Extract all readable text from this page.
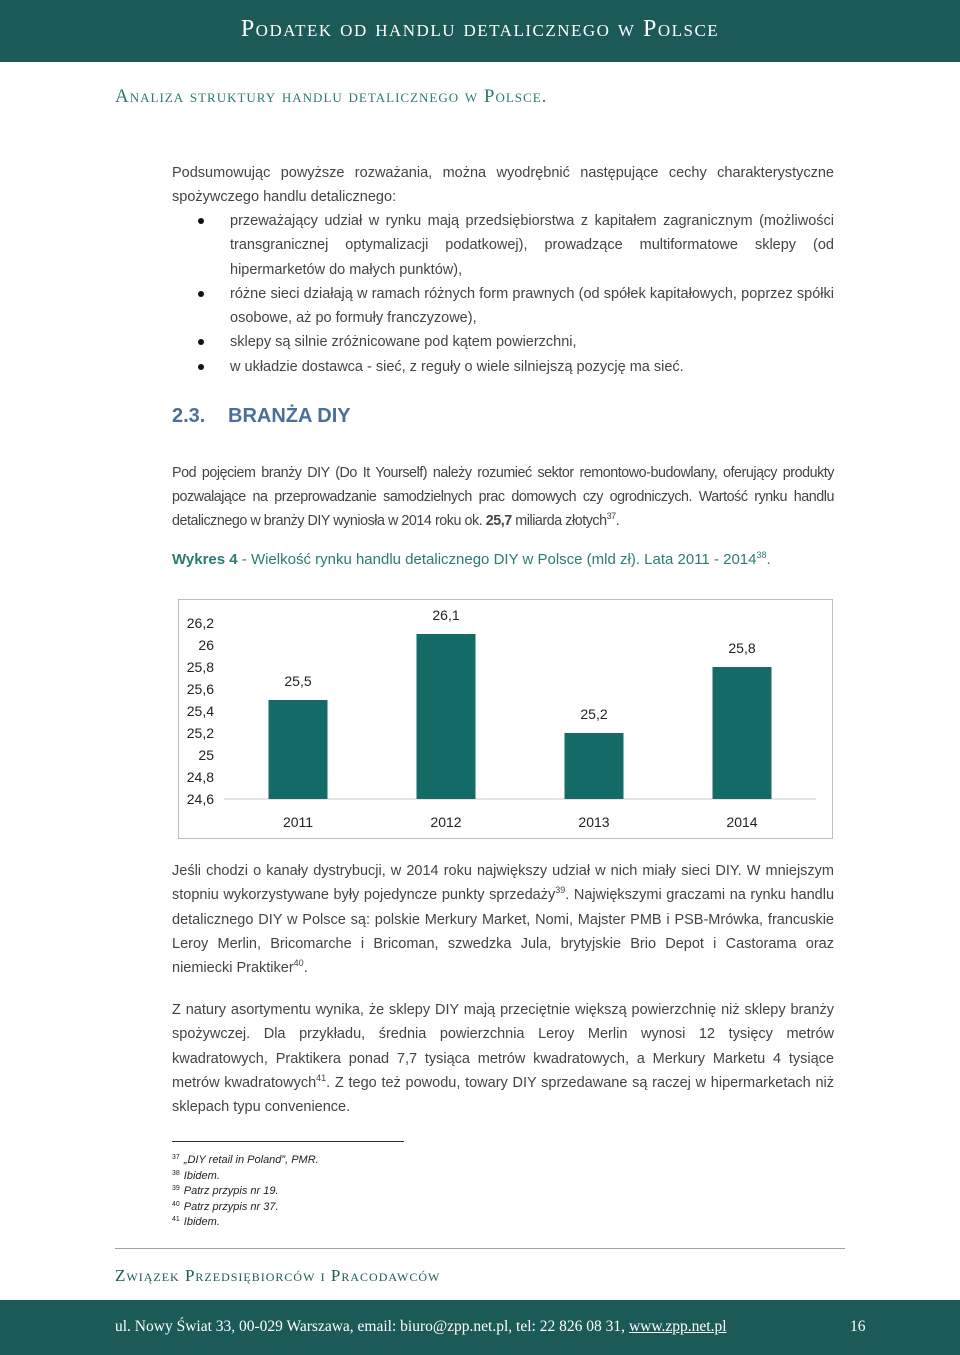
Podatek od handlu detalicznego w Polsce
Analiza struktury handlu detalicznego w Polsce.

Podsumowując powyższe rozważania, można wyodrębnić następujące cechy charakterystyczne spożywczego handlu detalicznego:

przeważający udział w rynku mają przedsiębiorstwa z kapitałem zagranicznym (możliwości transgranicznej optymalizacji podatkowej), prowadzące multiformatowe sklepy (od hipermarketów do małych punktów),
różne sieci działają w ramach różnych form prawnych (od spółek kapitałowych, poprzez spółki osobowe, aż po formuły franczyzowe),
sklepy są silnie zróżnicowane pod kątem powierzchni,
w układzie dostawca - sieć, z reguły o wiele silniejszą pozycję ma sieć.
2.3. BRANŻA DIY

Pod pojęciem branży DIY (Do It Yourself) należy rozumieć sektor remontowo-budowlany, oferujący produkty pozwalające na przeprowadzanie samodzielnych prac domowych czy ogrodniczych. Wartość rynku handlu detalicznego w branży DIY wyniosła w 2014 roku ok. 25,7 miliarda złotych$^{37}$.

Wykres 4 - Wielkość rynku handlu detalicznego DIY w Polsce (mld zł). Lata 2011 - 2014$^{38}$.
26,2
26
25,8
25,6
25,4
25,2
25
24,8
24,6
25,5
2011
26,1
2012
25,2
2013
25,8
2014

Jeśli chodzi o kanały dystrybucji, w 2014 roku największy udział w nich miały sieci DIY. W mniejszym stopniu wykorzystywane były pojedyncze punkty sprzedaży$^{39}$. Największymi graczami na rynku handlu detalicznego DIY w Polsce są: polskie Merkury Market, Nomi, Majster PMB i PSB-Mrówka, francuskie Leroy Merlin, Bricomarche i Bricoman, szwedzka Jula, brytyjskie Brio Depot i Castorama oraz niemiecki Praktiker$^{40}$.

Z natury asortymentu wynika, że sklepy DIY mają przeciętnie większą powierzchnię niż sklepy branży spożywczej. Dla przykładu, średnia powierzchnia Leroy Merlin wynosi 12 tysięcy metrów kwadratowych, Praktikera ponad 7,7 tysiąca metrów kwadratowych, a Merkury Marketu 4 tysiące metrów kwadratowych$^{41}$. Z tego też powodu, towary DIY sprzedawane są raczej w hipermarketach niż sklepach typu convenience.

$^{37}$ „DIY retail in Poland”, PMR.
$^{38}$ Ibidem.
$^{39}$ Patrz przypis nr 19.
$^{40}$ Patrz przypis nr 37.
$^{41}$ Ibidem.
Związek Przedsiębiorców i Pracodawców
ul. Nowy Świat 33, 00-029 Warszawa, email: biuro@zpp.net.pl, tel: 22 826 08 31, www.zpp.net.pl	16
